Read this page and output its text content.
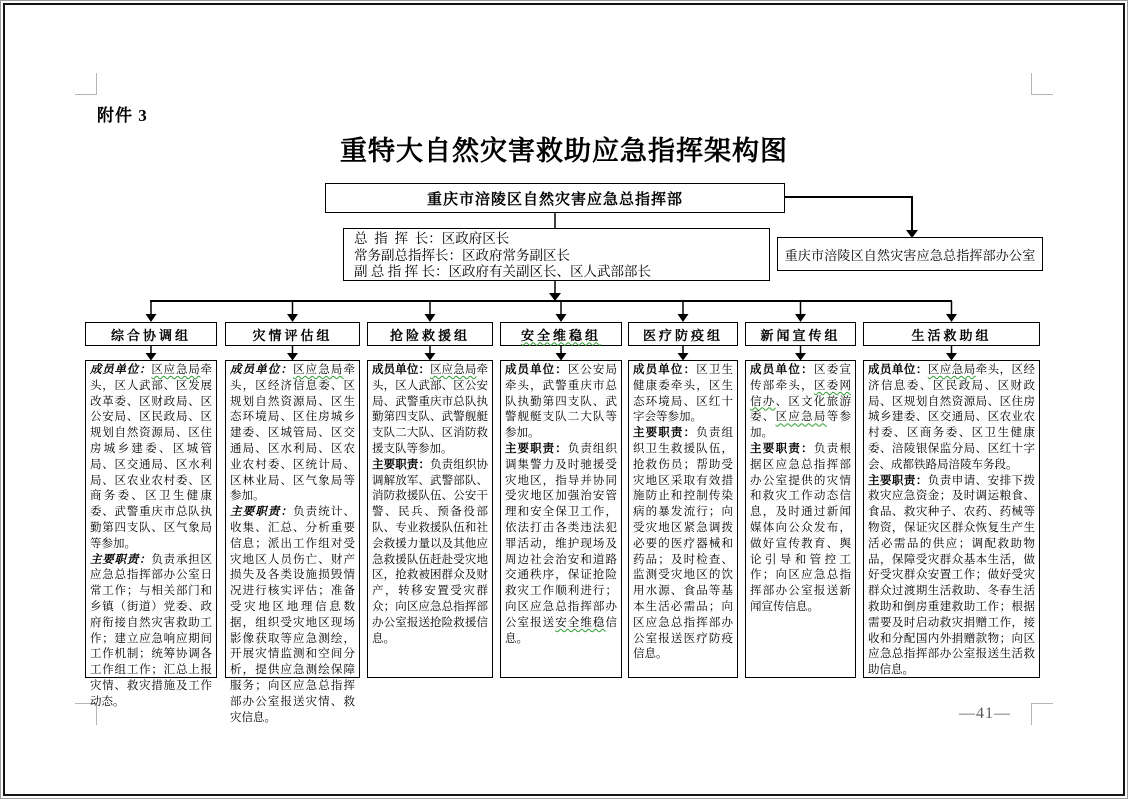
附件 3
重特大自然灾害救助应急指挥架构图
重庆市涪陵区自然灾害应急总指挥部
总  指  挥  长：区政府区长
常务副总指挥长：区政府常务副区长
副 总 指 挥 长：区政府有关副区长、区人武部部长
重庆市涪陵区自然灾害应急总指挥部办公室
综合协调组

成员单位：区应急局牵头，区人武部、区发展改革委、区财政局、区公安局、区民政局、区规划自然资源局、区住房城乡建委、区城管局、区交通局、区水利局、区农业农村委、区商务委、区卫生健康委、武警重庆市总队执勤第四支队、区气象局等参加。

主要职责：负责承担区应急总指挥部办公室日常工作；与相关部门和乡镇（街道）党委、政府衔接自然灾害救助工作；建立应急响应期间工作机制；统筹协调各工作组工作；汇总上报灾情、救灾措施及工作动态。

灾情评估组

成员单位：区应急局牵头，区经济信息委、区规划自然资源局、区生态环境局、区住房城乡建委、区城管局、区交通局、区水利局、区农业农村委、区统计局、区林业局、区气象局等参加。

主要职责：负责统计、收集、汇总、分析重要信息；派出工作组对受灾地区人员伤亡、财产损失及各类设施损毁情况进行核实评估；准备受灾地区地理信息数据，组织受灾地区现场影像获取等应急测绘，开展灾情监测和空间分析，提供应急测绘保障服务；向区应急总指挥部办公室报送灾情、救灾信息。

抢险救援组

成员单位：区应急局牵头，区人武部、区公安局、武警重庆市总队执勤第四支队、武警舰艇支队二大队、区消防救援支队等参加。

主要职责：负责组织协调解放军、武警部队、消防救援队伍、公安干警、民兵、预备役部队、专业救援队伍和社会救援力量以及其他应急救援队伍赶赴受灾地区，抢救被困群众及财产，转移安置受灾群众；向区应急总指挥部办公室报送抢险救援信息。

安全维稳组

成员单位：区公安局牵头，武警重庆市总队执勤第四支队、武警舰艇支队二大队等参加。

主要职责：负责组织调集警力及时驰援受灾地区，指导并协同受灾地区加强治安管理和安全保卫工作，依法打击各类违法犯罪活动，维护现场及周边社会治安和道路交通秩序，保证抢险救灾工作顺利进行；向区应急总指挥部办公室报送安全维稳信息。

医疗防疫组

成员单位：区卫生健康委牵头，区生态环境局、区红十字会等参加。

主要职责：负责组织卫生救援队伍，抢救伤员；帮助受灾地区采取有效措施防止和控制传染病的暴发流行；向受灾地区紧急调拨必要的医疗器械和药品；及时检查、监测受灾地区的饮用水源、食品等基本生活必需品；向区应急总指挥部办公室报送医疗防疫信息。

新闻宣传组

成员单位：区委宣传部牵头，区委网信办、区文化旅游委、区应急局等参加。

主要职责：负责根据区应急总指挥部办公室提供的灾情和救灾工作动态信息，及时通过新闻媒体向公众发布，做好宣传教育、舆论引导和管控工作；向区应急总指挥部办公室报送新闻宣传信息。

生活救助组

成员单位：区应急局牵头，区经济信息委、区民政局、区财政局、区规划自然资源局、区住房城乡建委、区交通局、区农业农村委、区商务委、区卫生健康委、涪陵银保监分局、区红十字会、成都铁路局涪陵车务段。

主要职责：负责申请、安排下拨救灾应急资金；及时调运粮食、食品、救灾种子、农药、药械等物资，保证灾区群众恢复生产生活必需品的供应；调配救助物品，保障受灾群众基本生活，做好受灾群众安置工作；做好受灾群众过渡期生活救助、冬春生活救助和倒房重建救助工作；根据需要及时启动救灾捐赠工作，接收和分配国内外捐赠款物；向区应急总指挥部办公室报送生活救助信息。

—41—
